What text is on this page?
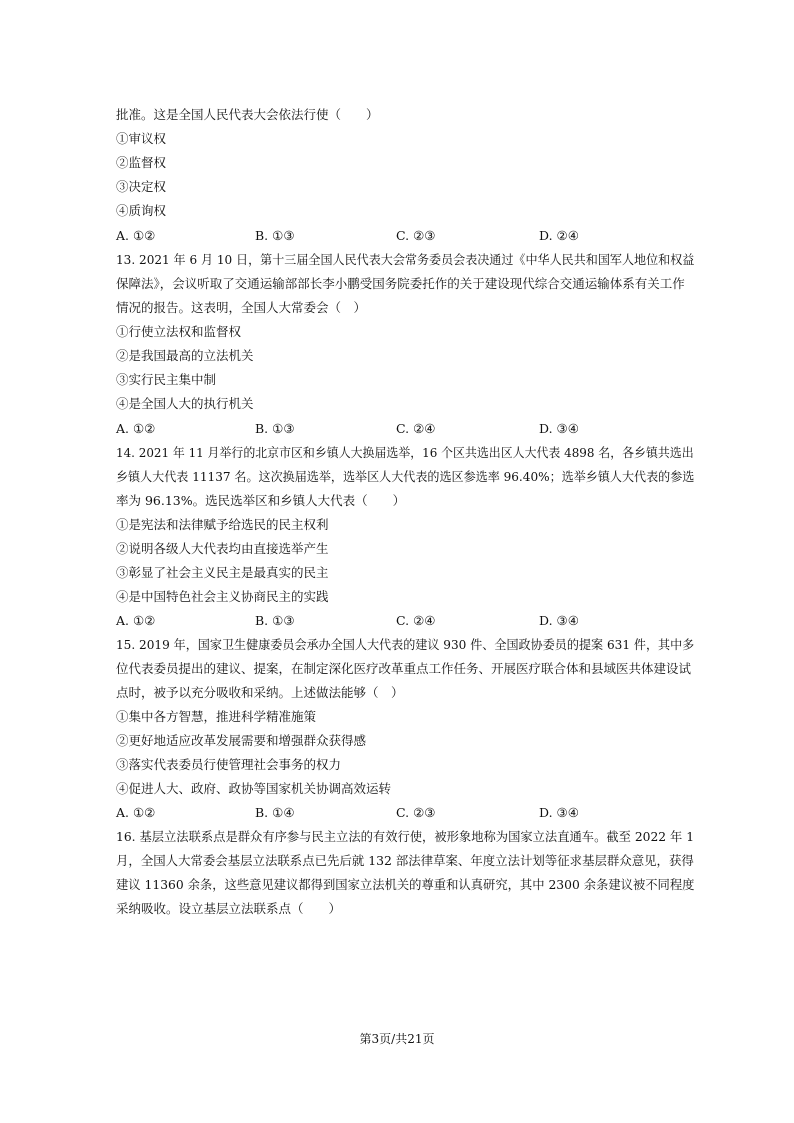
批准。这是全国人民代表大会依法行使（　　）
①审议权
②监督权
③决定权
④质询权
A. ①②	B. ①③	C. ②③	D. ②④
13. 2021 年 6 月 10 日，第十三届全国人民代表大会常务委员会表决通过《中华人民共和国军人地位和权益
保障法》，会议听取了交通运输部部长李小鹏受国务院委托作的关于建设现代综合交通运输体系有关工作
情况的报告。这表明，全国人大常委会（　）
①行使立法权和监督权
②是我国最高的立法机关
③实行民主集中制
④是全国人大的执行机关
A. ①②	B. ①③	C. ②④	D. ③④
14. 2021 年 11 月举行的北京市区和乡镇人大换届选举，16 个区共选出区人大代表 4898 名，各乡镇共选出
乡镇人大代表 11137 名。这次换届选举，选举区人大代表的选区参选率 96.40%；选举乡镇人大代表的参选
率为 96.13%。选民选举区和乡镇人大代表（　　）
①是宪法和法律赋予给选民的民主权利
②说明各级人大代表均由直接选举产生
③彰显了社会主义民主是最真实的民主
④是中国特色社会主义协商民主的实践
A. ①②	B. ①③	C. ②④	D. ③④
15. 2019 年，国家卫生健康委员会承办全国人大代表的建议 930 件、全国政协委员的提案 631 件，其中多
位代表委员提出的建议、提案，在制定深化医疗改革重点工作任务、开展医疗联合体和县域医共体建设试
点时，被予以充分吸收和采纳。上述做法能够（　）
①集中各方智慧，推进科学精准施策
②更好地适应改革发展需要和增强群众获得感
③落实代表委员行使管理社会事务的权力
④促进人大、政府、政协等国家机关协调高效运转
A. ①②	B. ①④	C. ②③	D. ③④
16. 基层立法联系点是群众有序参与民主立法的有效行使，被形象地称为国家立法直通车。截至 2022 年 1
月，全国人大常委会基层立法联系点已先后就 132 部法律草案、年度立法计划等征求基层群众意见，获得
建议 11360 余条，这些意见建议都得到国家立法机关的尊重和认真研究，其中 2300 余条建议被不同程度
采纳吸收。设立基层立法联系点（　　）
第3页/共21页
